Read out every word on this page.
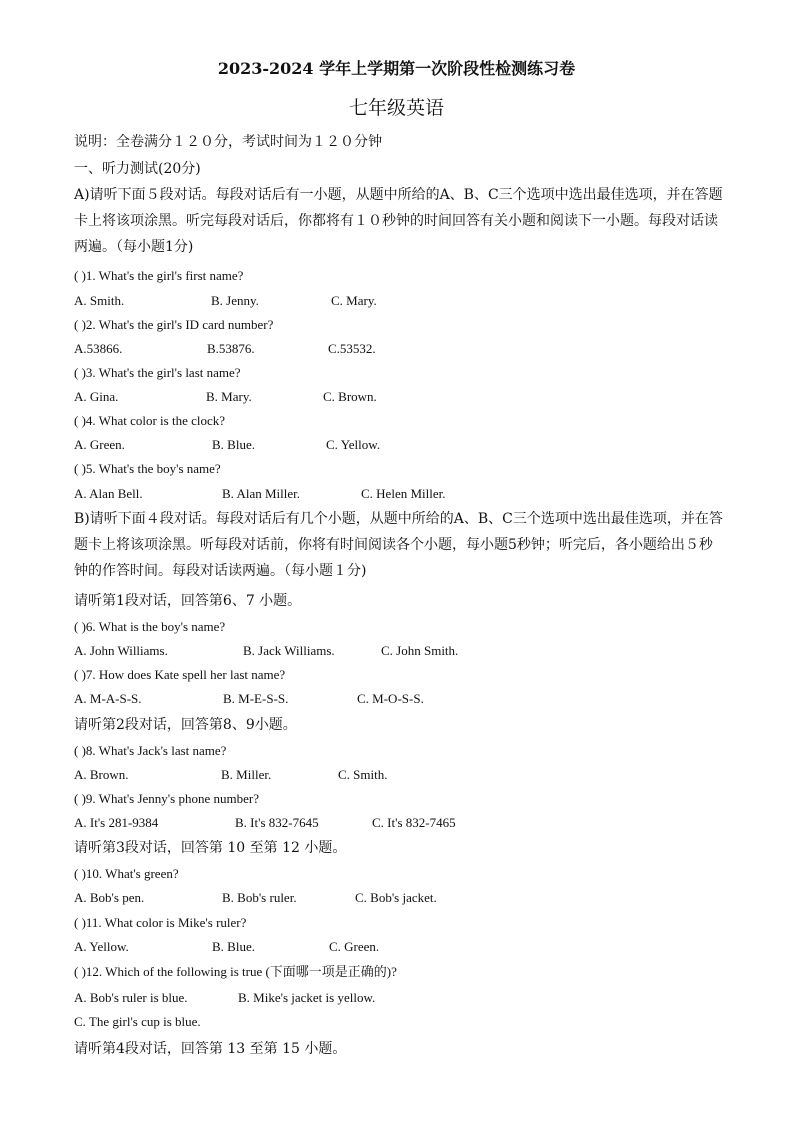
2023-2024 学年上学期第一次阶段性检测练习卷
七年级英语
说明：全卷满分１２０分，考试时间为１２０分钟
一、听力测试(20分)
A)请听下面５段对话。每段对话后有一小题，从题中所给的A、B、C三个选项中选出最佳选项，并在答题卡上将该项涂黑。听完每段对话后，你都将有１０秒钟的时间回答有关小题和阅读下一小题。每段对话读两遍。（每小题1分)
( )1. What's the girl's first name?
A. Smith.	B. Jenny.	C. Mary.
( )2. What's the girl's ID card number?
A.53866.	B.53876.	C.53532.
( )3. What's the girl's last name?
A. Gina.	B. Mary.	C. Brown.
( )4. What color is the clock?
A. Green.	B. Blue.	C. Yellow.
( )5. What's the boy's name?
A. Alan Bell.	B. Alan Miller.	C. Helen Miller.
B)请听下面４段对话。每段对话后有几个小题，从题中所给的A、B、C三个选项中选出最佳选项，并在答题卡上将该项涂黑。听每段对话前，你将有时间阅读各个小题，每小题5秒钟；听完后，各小题给出５秒钟的作答时间。每段对话读两遍。（每小题１分)
请听第1段对话，回答第6、7 小题。
( )6. What is the boy's name?
A. John Williams.	B. Jack Williams.	C. John Smith.
( )7. How does Kate spell her last name?
A. M-A-S-S.	B. M-E-S-S.	C. M-O-S-S.
请听第2段对话，回答第8、9小题。
( )8. What's Jack's last name?
A. Brown.	B. Miller.	C. Smith.
( )9. What's Jenny's phone number?
A. It's 281-9384	B. It's 832-7645	C. It's 832-7465
请听第3段对话，回答第 10 至第 12 小题。
( )10. What's green?
A. Bob's pen.	B. Bob's ruler.	C. Bob's jacket.
( )11. What color is Mike's ruler?
A. Yellow.	B. Blue.	C. Green.
( )12. Which of the following is true (下面哪一项是正确的)?
A. Bob's ruler is blue.	B. Mike's jacket is yellow.
C. The girl's cup is blue.
请听第4段对话，回答第 13 至第 15 小题。
